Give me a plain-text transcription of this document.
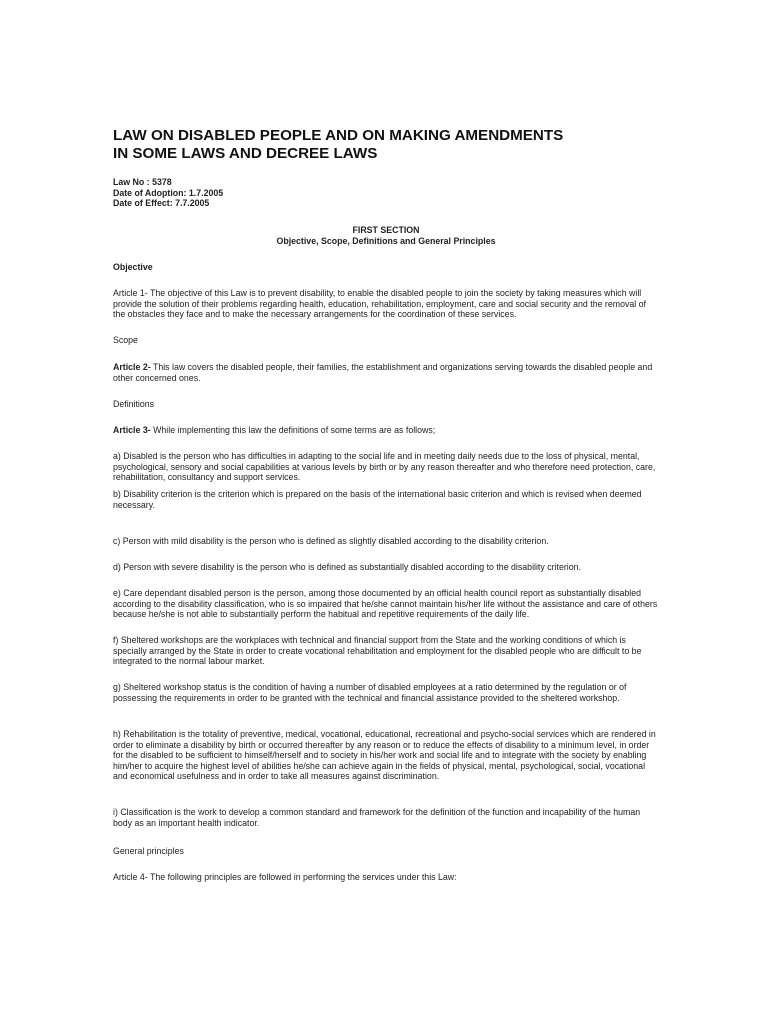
LAW ON DISABLED PEOPLE AND ON MAKING AMENDMENTS
IN SOME LAWS AND DECREE LAWS
Law No : 5378
Date of Adoption: 1.7.2005
Date of Effect: 7.7.2005
FIRST SECTION
Objective, Scope, Definitions and General Principles
Objective
Article 1- The objective of this Law is to prevent disability, to enable the disabled people to join the society by taking measures which will provide the solution of their problems regarding health, education, rehabilitation, employment, care and social security and the removal of the obstacles they face and to make the necessary arrangements for the coordination of these services.
Scope
Article 2- This law covers the disabled people, their families, the establishment and organizations serving towards the disabled people and other concerned ones.
Definitions
Article 3- While implementing this law the definitions of some terms are as follows;
a) Disabled is the person who has difficulties in adapting to the social life and in meeting daily needs due to the loss of physical, mental, psychological, sensory and social capabilities at various levels by birth or by any reason thereafter and who therefore need protection, care, rehabilitation, consultancy and support services.
b) Disability criterion is the criterion which is prepared on the basis of the international basic criterion and which is revised when deemed necessary.
c) Person with mild disability is the person who is defined as slightly disabled according to the disability criterion.
d) Person with severe disability is the person who is defined as substantially disabled according to the disability criterion.
e) Care dependant disabled person is the person, among those documented by an official health council report as substantially disabled according to the disability classification, who is so impaired that he/she cannot maintain his/her life without the assistance and care of others because he/she is not able to substantially perform the habitual and repetitive requirements of the daily life.
f) Sheltered workshops are the workplaces with technical and financial support from the State and the working conditions of which is specially arranged by the State in order to create vocational rehabilitation and employment for the disabled people who are difficult to be integrated to the normal labour market.
g) Sheltered workshop status is the condition of having a number of disabled employees at a ratio determined by the regulation or of possessing the requirements in order to be granted with the technical and financial assistance provided to the sheltered workshop.
h) Rehabilitation is the totality of preventive, medical, vocational, educational, recreational and psycho-social services which are rendered in order to eliminate a disability by birth or occurred thereafter by any reason or to reduce the effects of disability to a minimum level, in order for the disabled to be sufficient to himself/herself and to society in his/her work and social life and to integrate with the society by enabling him/her to acquire the highest level of abilities he/she can achieve again in the fields of physical, mental, psychological, social, vocational and economical usefulness and in order to take all measures against discrimination.
i) Classification is the work to develop a common standard and framework for the definition of the function and incapability of the human body as an important health indicator.
General principles
Article 4- The following principles are followed in performing the services under this Law:
